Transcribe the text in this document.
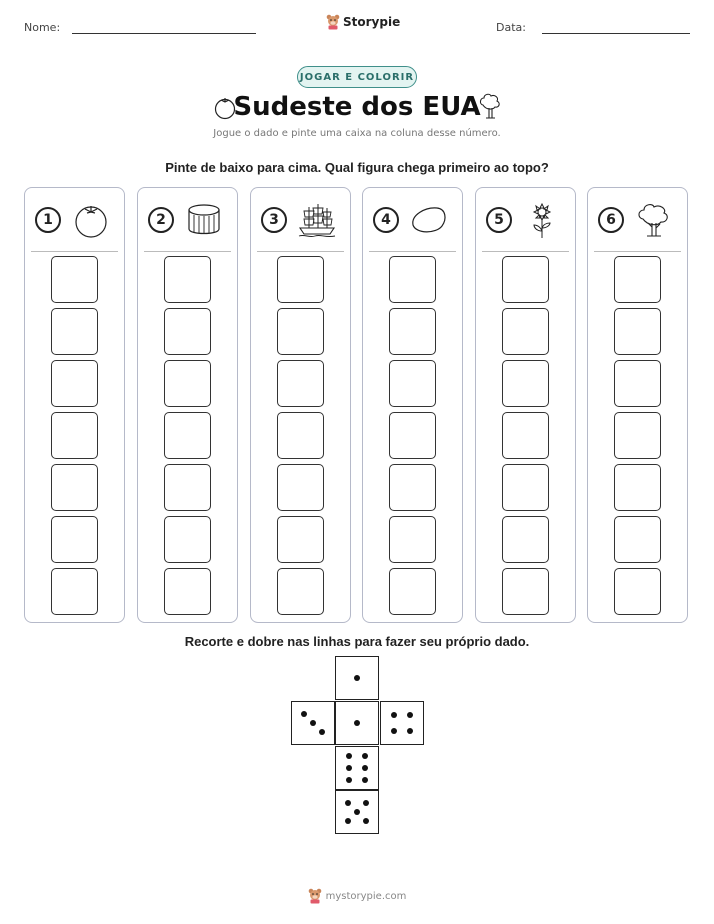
Nome:	Storypie	Data:
JOGAR E COLORIR
Sudeste dos EUA
Jogue o dado e pinte uma caixa na coluna desse número.
Pinte de baixo para cima. Qual figura chega primeiro ao topo?
1	2	3	4	5	6
Recorte e dobre nas linhas para fazer seu próprio dado.
mystorypie.com
